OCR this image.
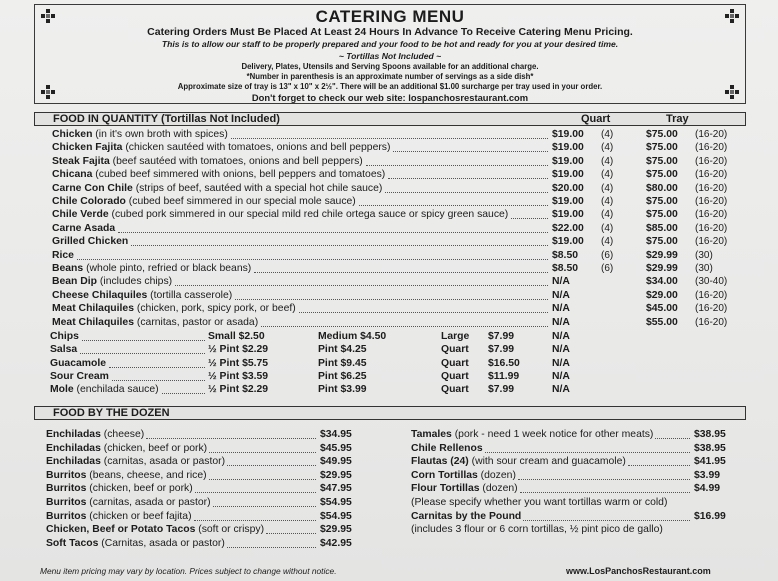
CATERING MENU
Catering Orders Must Be Placed At Least 24 Hours In Advance To Receive Catering Menu Pricing.
This is to allow our staff to be properly prepared and your food to be hot and ready for you at your desired time.
~ Tortillas Not Included ~
Delivery, Plates, Utensils and Serving Spoons available for an additional charge.
*Number in parenthesis is an approximate number of servings as a side dish*
Approximate size of tray is 13" x 10" x 2½". There will be an additional $1.00 surcharge per tray used in your order.
Don't forget to check our web site: lospanchosrestaurant.com
FOOD IN QUANTITY (Tortillas Not Included)	Quart	Tray
Chicken (in it's own broth with spices)	$19.00 (4)	$75.00 (16-20)
Chicken Fajita (chicken sautéed with tomatoes, onions and bell peppers)	$19.00 (4)	$75.00 (16-20)
Steak Fajita (beef sautéed with tomatoes, onions and bell peppers)	$19.00 (4)	$75.00 (16-20)
Chicana (cubed beef simmered with onions, bell peppers and tomatoes)	$19.00 (4)	$75.00 (16-20)
Carne Con Chile (strips of beef, sautéed with a special hot chile sauce)	$20.00 (4)	$80.00 (16-20)
Chile Colorado (cubed beef simmered in our special mole sauce)	$19.00 (4)	$75.00 (16-20)
Chile Verde (cubed pork simmered in our special mild red chile ortega sauce or spicy green sauce)	$19.00 (4)	$75.00 (16-20)
Carne Asada	$22.00 (4)	$85.00 (16-20)
Grilled Chicken	$19.00 (4)	$75.00 (16-20)
Rice	$8.50 (6)	$29.99 (30)
Beans (whole pinto, refried or black beans)	$8.50 (6)	$29.99 (30)
Bean Dip (includes chips)	N/A	$34.00 (30-40)
Cheese Chilaquiles (tortilla casserole)	N/A	$29.00 (16-20)
Meat Chilaquiles (chicken, pork, spicy pork, or beef)	N/A	$45.00 (16-20)
Meat Chilaquiles (carnitas, pastor or asada)	N/A	$55.00 (16-20)
Chips	Small $2.50	Medium $4.50	Large $7.99	N/A
Salsa	½ Pint $2.29	Pint $4.25	Quart $7.99	N/A
Guacamole	½ Pint $5.75	Pint $9.45	Quart $16.50	N/A
Sour Cream	½ Pint $3.59	Pint $6.25	Quart $11.99	N/A
Mole (enchilada sauce)	½ Pint $2.29	Pint $3.99	Quart $7.99	N/A
FOOD BY THE DOZEN
Enchiladas (cheese)	$34.95
Enchiladas (chicken, beef or pork)	$45.95
Enchiladas (carnitas, asada or pastor)	$49.95
Burritos (beans, cheese, and rice)	$29.95
Burritos (chicken, beef or pork)	$47.95
Burritos (carnitas, asada or pastor)	$54.95
Burritos (chicken or beef fajita)	$54.95
Chicken, Beef or Potato Tacos (soft or crispy)	$29.95
Soft Tacos (Carnitas, asada or pastor)	$42.95
Tamales (pork - need 1 week notice for other meats)	$38.95
Chile Rellenos	$38.95
Flautas (24) (with sour cream and guacamole)	$41.95
Corn Tortillas (dozen)	$3.99
Flour Tortillas (dozen)	$4.99
(Please specify whether you want tortillas warm or cold)
Carnitas by the Pound	$16.99
(includes 3 flour or 6 corn tortillas, ½ pint pico de gallo)
Menu item pricing may vary by location. Prices subject to change without notice.	www.LosPanchosRestaurant.com
